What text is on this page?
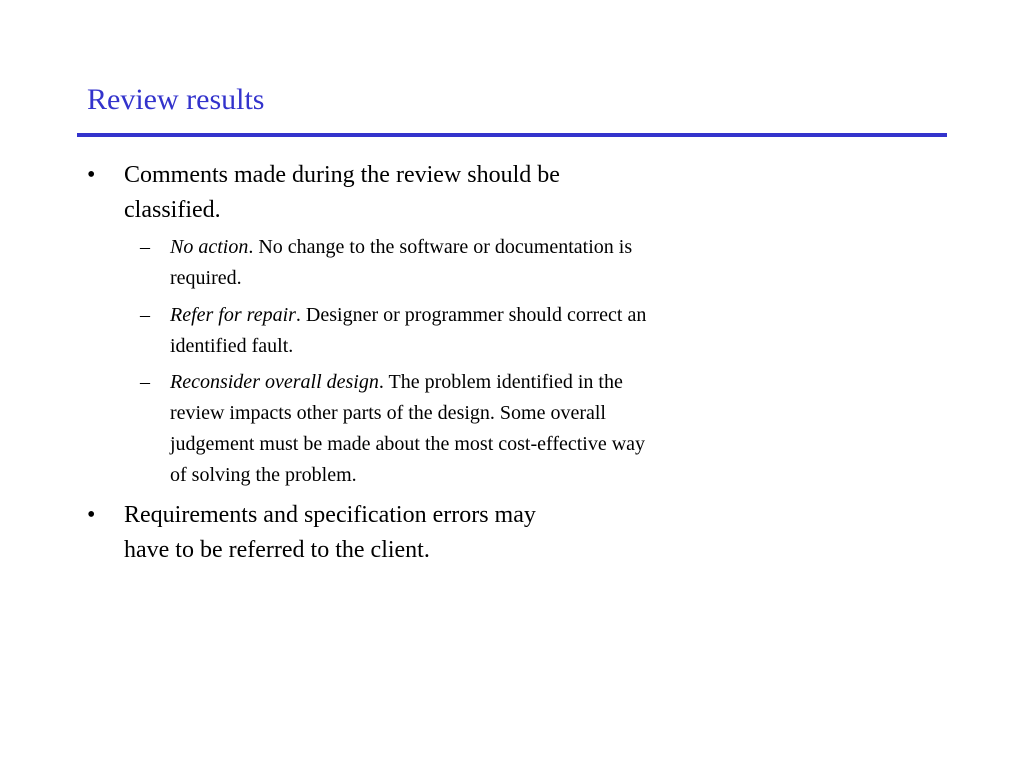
Review results
• Comments made during the review should be
classified.
– No action. No change to the software or documentation is
required.
– Refer for repair. Designer or programmer should correct an
identified fault.
– Reconsider overall design. The problem identified in the
review impacts other parts of the design. Some overall
judgement must be made about the most cost-effective way
of solving the problem.
• Requirements and specification errors may
have to be referred to the client.
